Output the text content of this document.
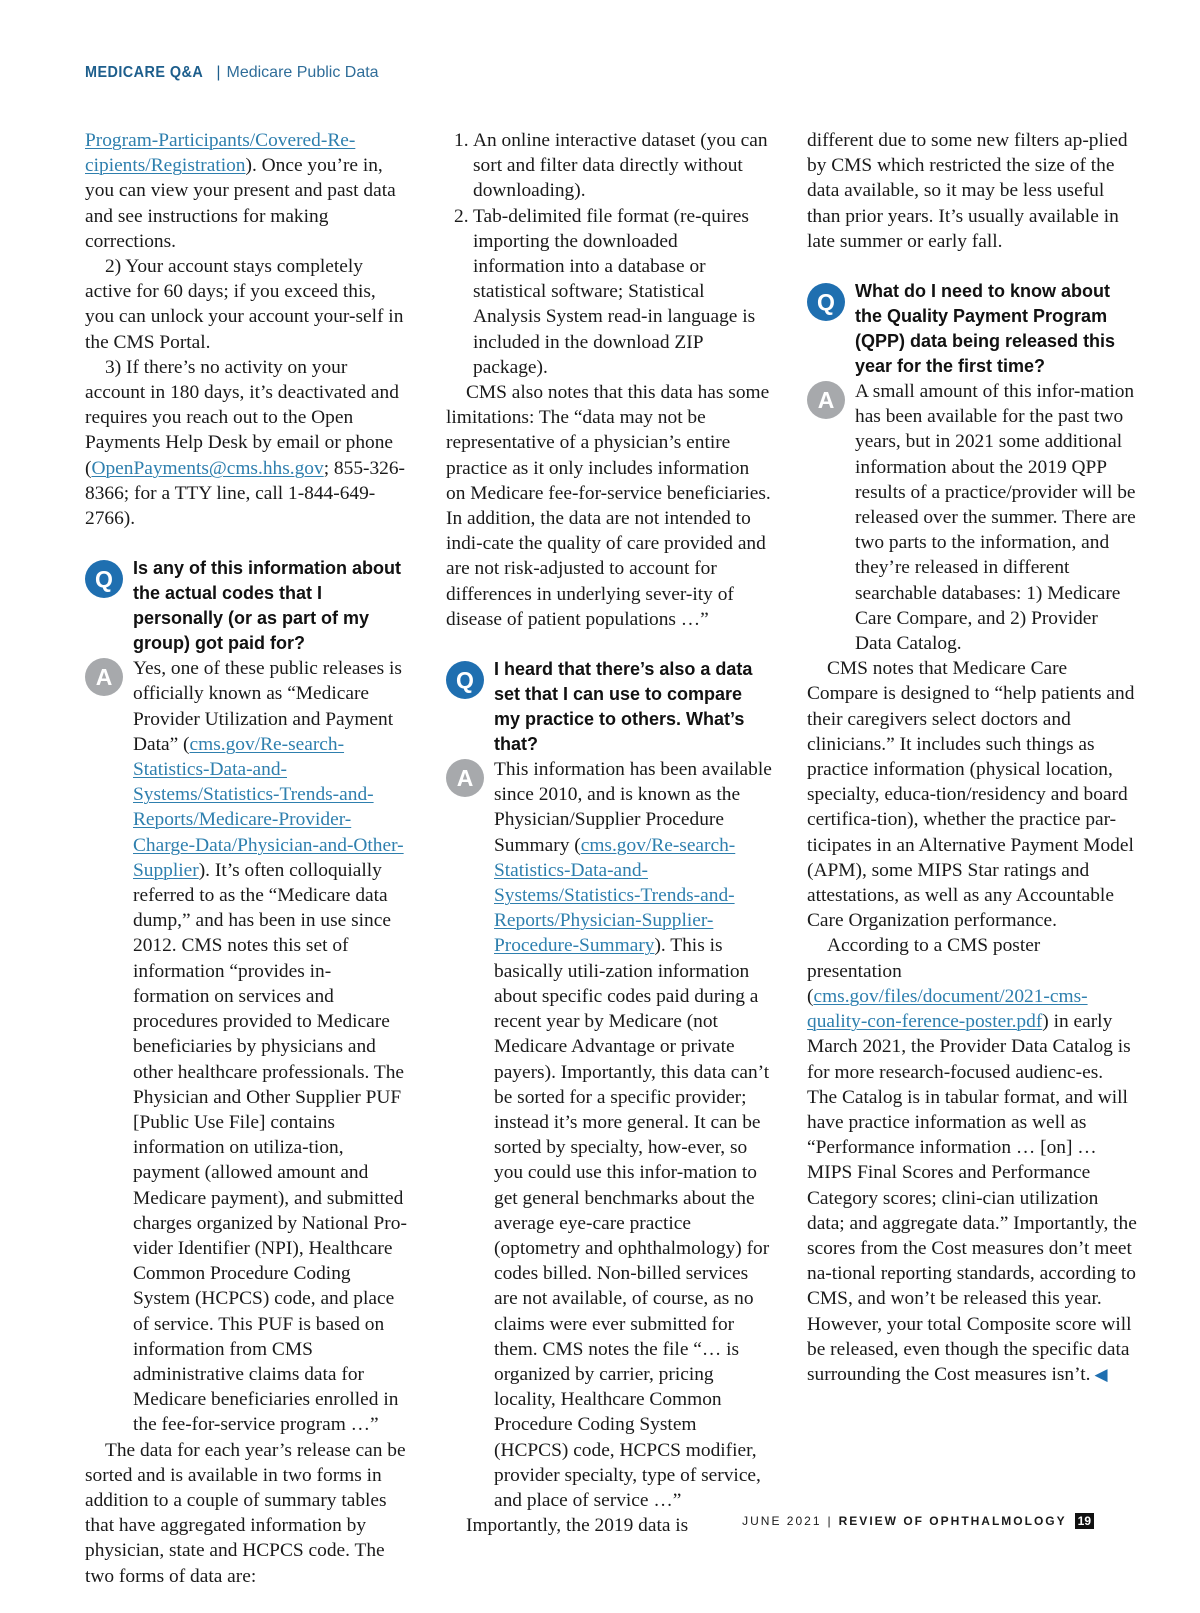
MEDICARE Q&A | Medicare Public Data

Program-Participants/Covered-Re-cipients/Registration). Once you’re in, you can view your present and past data and see instructions for making corrections.

2) Your account stays completely active for 60 days; if you exceed this, you can unlock your account your-self in the CMS Portal.

3) If there’s no activity on your account in 180 days, it’s deactivated and requires you reach out to the Open Payments Help Desk by email or phone (OpenPayments@cms.hhs.gov; 855-326-8366; for a TTY line, call 1-844-649-2766).

Q	Is any of this information about the actual codes that I personally (or as part of my group) got paid for?

A	Yes, one of these public releases is officially known as “Medicare Provider Utilization and Payment Data” (cms.gov/Re-search-Statistics-Data-and-Systems/Statistics-Trends-and-Reports/Medicare-Provider-Charge-Data/Physician-and-Other-Supplier). It’s often colloquially referred to as the “Medicare data dump,” and has been in use since 2012. CMS notes this set of information “provides in-formation on services and procedures provided to Medicare beneficiaries by physicians and other healthcare professionals. The Physician and Other Supplier PUF [Public Use File] contains information on utiliza-tion, payment (allowed amount and Medicare payment), and submitted charges organized by National Pro-vider Identifier (NPI), Healthcare Common Procedure Coding System (HCPCS) code, and place of service. This PUF is based on information from CMS administrative claims data for Medicare beneficiaries enrolled in the fee-for-service program …”

The data for each year’s release can be sorted and is available in two forms in addition to a couple of summary tables that have aggregated information by physician, state and HCPCS code. The two forms of data are:

1. An online interactive dataset (you can sort and filter data directly without downloading).
2. Tab-delimited file format (re-quires importing the downloaded information into a database or statistical software; Statistical Analysis System read-in language is included in the download ZIP package).

CMS also notes that this data has some limitations: The “data may not be representative of a physician’s entire practice as it only includes information on Medicare fee-for-service beneficiaries. In addition, the data are not intended to indi-cate the quality of care provided and are not risk-adjusted to account for differences in underlying sever-ity of disease of patient populations …”

Q	I heard that there’s also a data set that I can use to compare my practice to others. What’s that?

A	This information has been available since 2010, and is known as the Physician/Supplier Procedure Summary (cms.gov/Re-search-Statistics-Data-and-Systems/Statistics-Trends-and-Reports/Physician-Supplier-Procedure-Summary). This is basically utili-zation information about specific codes paid during a recent year by Medicare (not Medicare Advantage or private payers). Importantly, this data can’t be sorted for a specific provider; instead it’s more general. It can be sorted by specialty, how-ever, so you could use this infor-mation to get general benchmarks about the average eye-care practice (optometry and ophthalmology) for codes billed. Non-billed services are not available, of course, as no claims were ever submitted for them. CMS notes the file “… is organized by carrier, pricing locality, Healthcare Common Procedure Coding System (HCPCS) code, HCPCS modifier, provider specialty, type of service, and place of service …”

Importantly, the 2019 data is

different due to some new filters ap-plied by CMS which restricted the size of the data available, so it may be less useful than prior years. It’s usually available in late summer or early fall.

Q	What do I need to know about the Quality Payment Program (QPP) data being released this year for the first time?

A	A small amount of this infor-mation has been available for the past two years, but in 2021 some additional information about the 2019 QPP results of a practice/provider will be released over the summer. There are two parts to the information, and they’re released in different searchable databases: 1) Medicare Care Compare, and 2) Provider Data Catalog.

CMS notes that Medicare Care Compare is designed to “help patients and their caregivers select doctors and clinicians.” It includes such things as practice information (physical location, specialty, educa-tion/residency and board certifica-tion), whether the practice par-ticipates in an Alternative Payment Model (APM), some MIPS Star ratings and attestations, as well as any Accountable Care Organization performance.

According to a CMS poster presentation (cms.gov/files/document/2021-cms-quality-con-ference-poster.pdf) in early March 2021, the Provider Data Catalog is for more research-focused audienc-es. The Catalog is in tabular format, and will have practice information as well as “Performance information … [on] … MIPS Final Scores and Performance Category scores; clini-cian utilization data; and aggregate data.” Importantly, the scores from the Cost measures don’t meet na-tional reporting standards, according to CMS, and won’t be released this year. However, your total Composite score will be released, even though the specific data surrounding the Cost measures isn’t. ◀

JUNE 2021 | REVIEW OF OPHTHALMOLOGY 19
